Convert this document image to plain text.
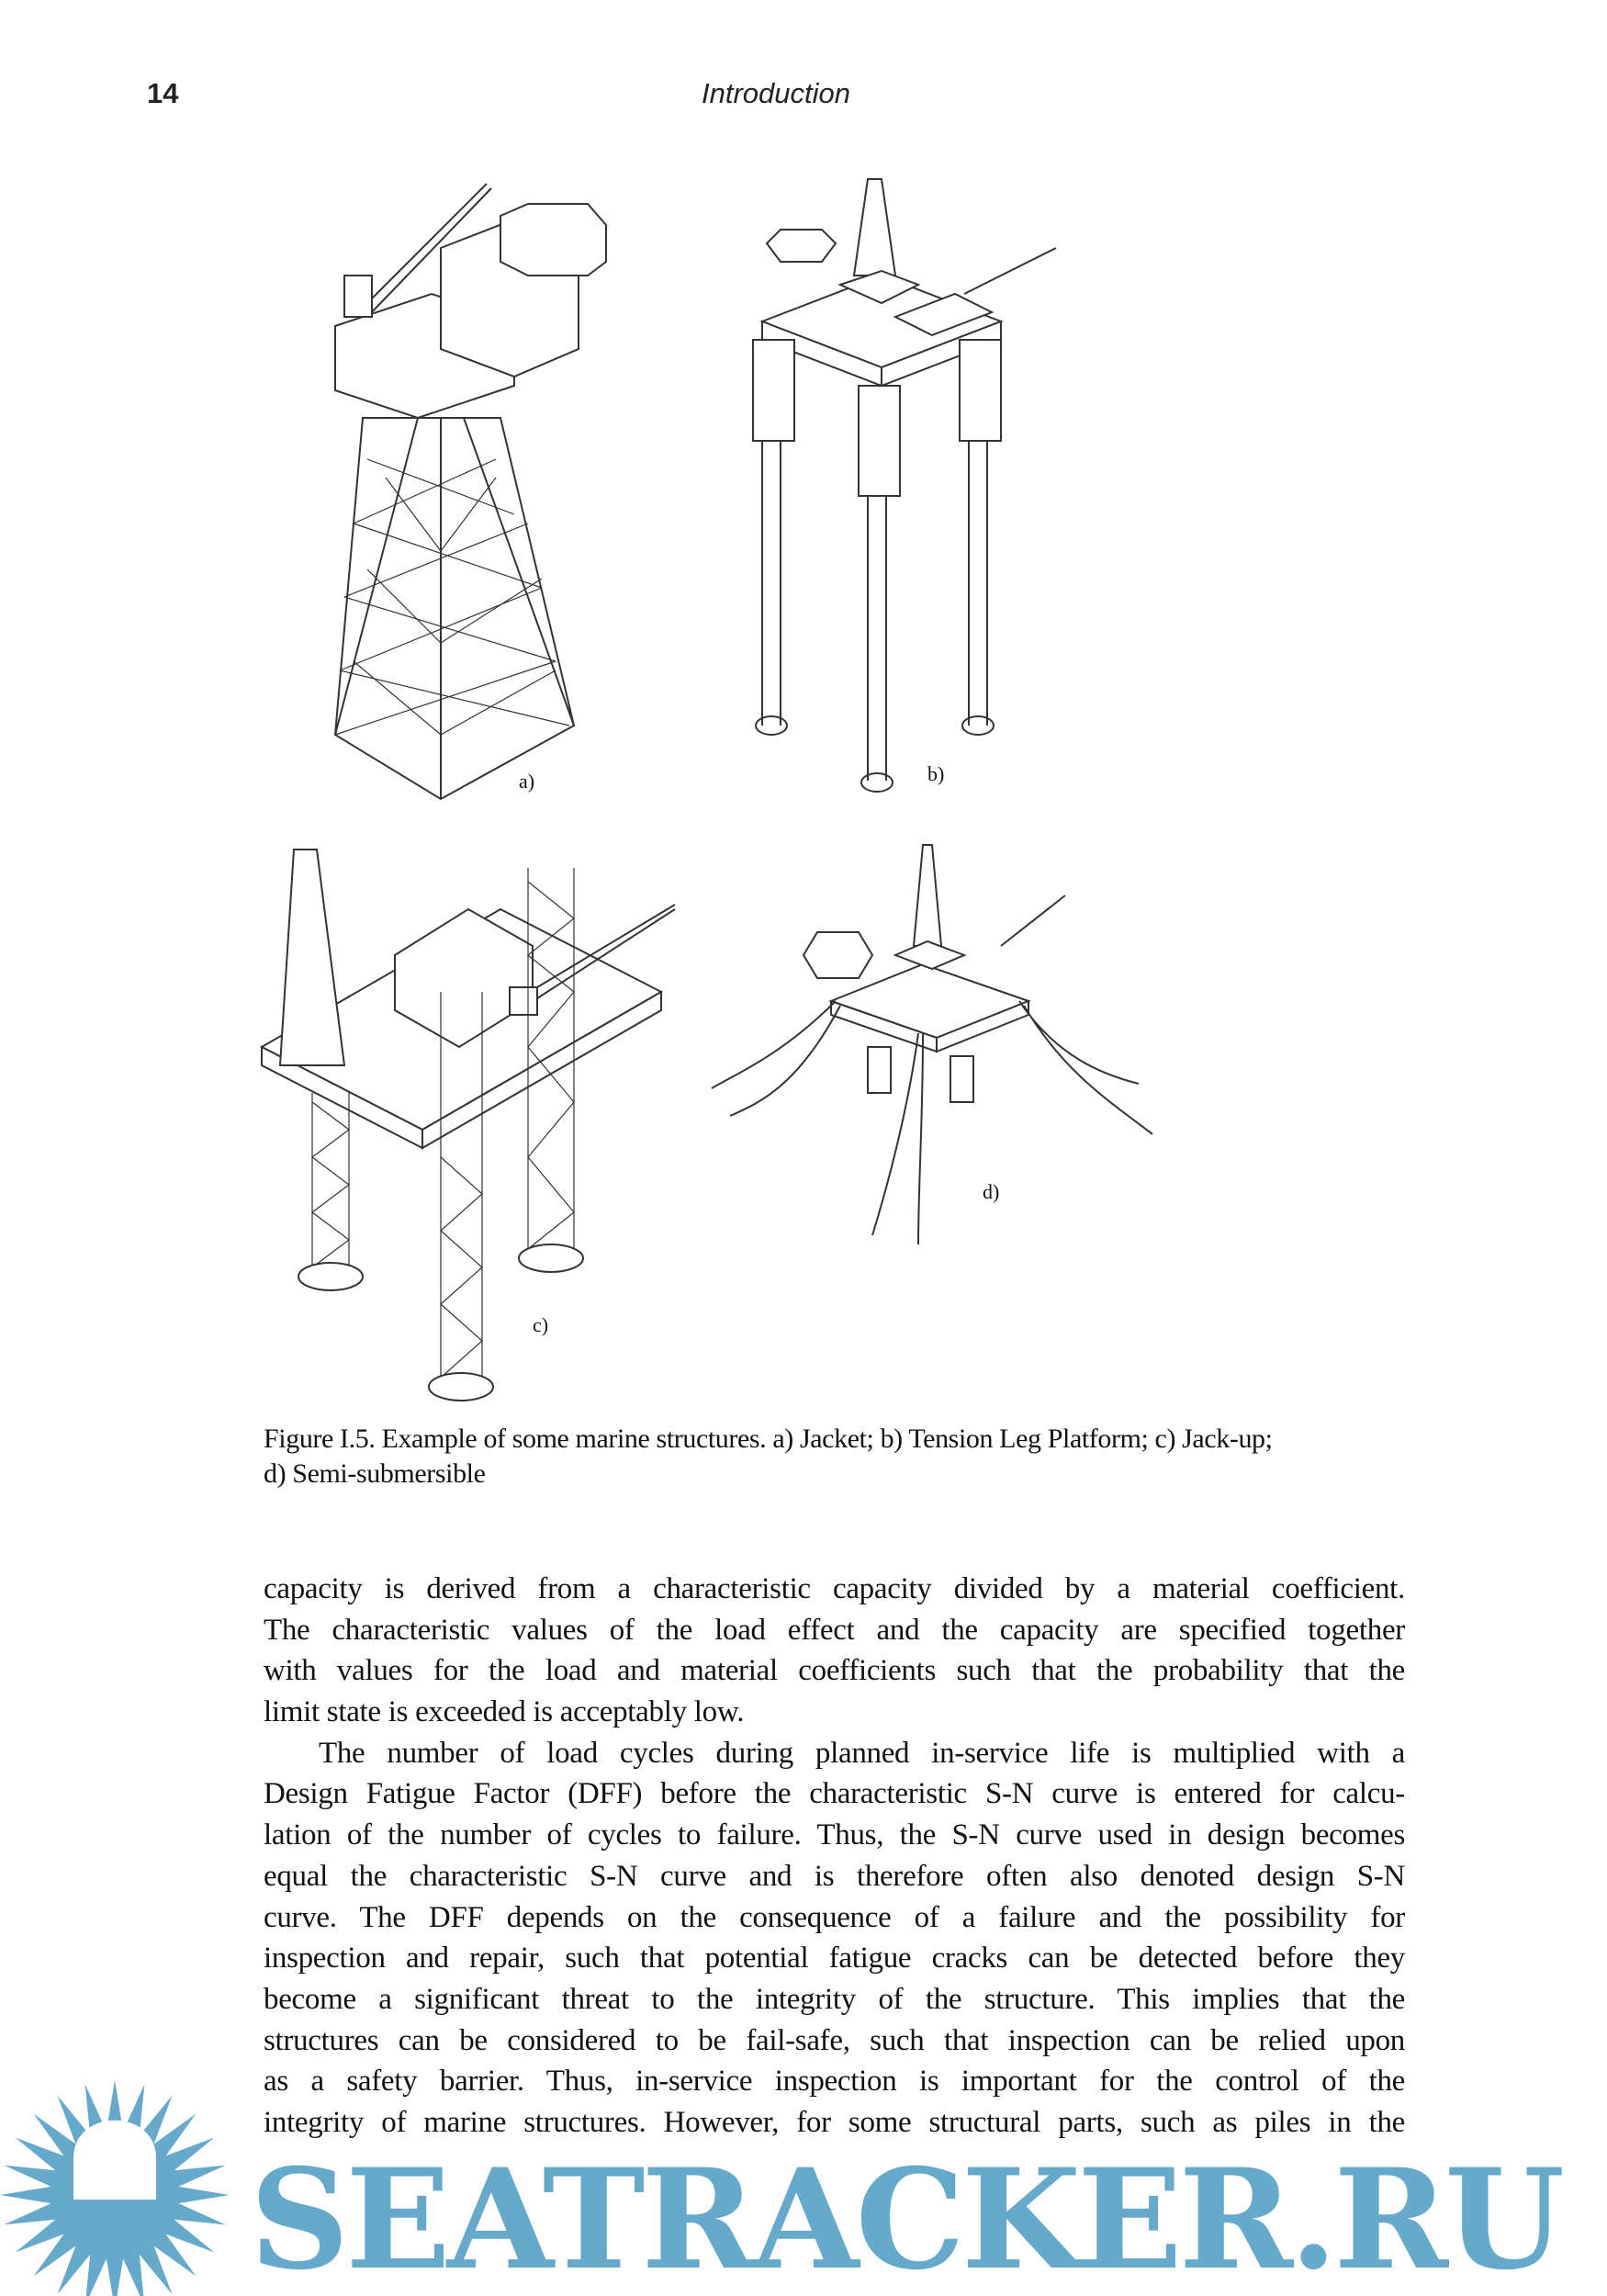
14	Introduction
a)	b)
c)
d)
Figure I.5. Example of some marine structures. a) Jacket; b) Tension Leg Platform; c) Jack-up;
d) Semi-submersible
capacity is derived from a characteristic capacity divided by a material coefficient.
The characteristic values of the load effect and the capacity are specified together
with values for the load and material coefficients such that the probability that the
limit state is exceeded is acceptably low.
The number of load cycles during planned in-service life is multiplied with a
Design Fatigue Factor (DFF) before the characteristic S-N curve is entered for calcu-
lation of the number of cycles to failure. Thus, the S-N curve used in design becomes
equal the characteristic S-N curve and is therefore often also denoted design S-N
curve. The DFF depends on the consequence of a failure and the possibility for
inspection and repair, such that potential fatigue cracks can be detected before they
become a significant threat to the integrity of the structure. This implies that the
structures can be considered to be fail-safe, such that inspection can be relied upon
as a safety barrier. Thus, in-service inspection is important for the control of the
integrity of marine structures. However, for some structural parts, such as piles in the
SEATRACKER.RU
